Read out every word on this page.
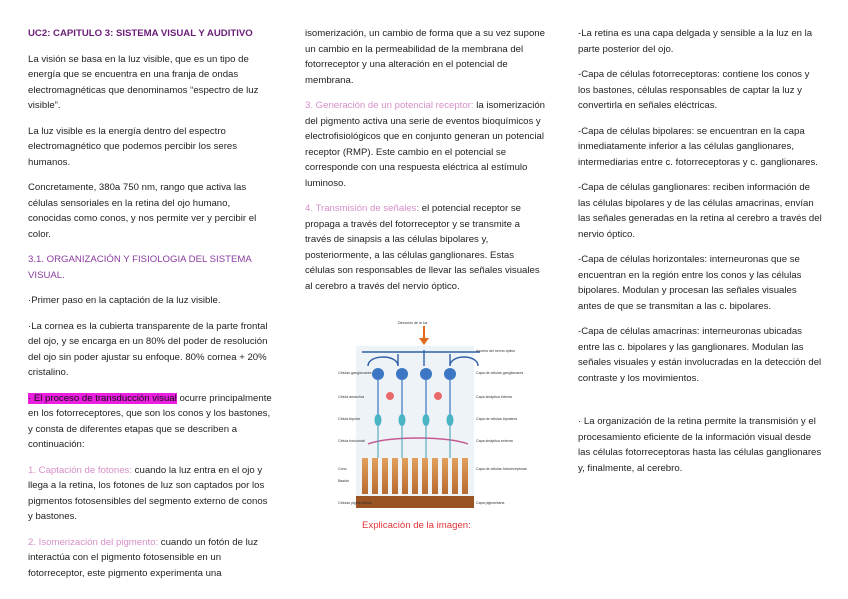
UC2: CAPITULO 3: SISTEMA VISUAL Y AUDITIVO

La visión se basa en la luz visible, que es un tipo de energía que se encuentra en una franja de ondas electromagnéticas que denominamos “espectro de luz visible”.

La luz visible es la energía dentro del espectro electromagnético que podemos percibir los seres humanos.

Concretamente, 380a 750 nm, rango que activa las células sensoriales en la retina del ojo humano, conocidas como conos, y nos permite ver y percibir el color.

3.1. ORGANIZACIÓN Y FISIOLOGIA DEL SISTEMA VISUAL.

·Primer paso en la captación de la luz visible.

·La cornea es la cubierta transparente de la parte frontal del ojo, y se encarga en un 80% del poder de resolución del ojo sin poder ajustar su enfoque. 80% cornea + 20% cristalino.

· El proceso de transducción visual ocurre principalmente en los fotorreceptores, que son los conos y los bastones, y consta de diferentes etapas que se describen a continuación:

1. Captación de fotones: cuando la luz entra en el ojo y llega a la retina, los fotones de luz son captados por los pigmentos fotosensibles del segmento externo de conos y bastones.

2. Isomerización del pigmento: cuando un fotón de luz interactúa con el pigmento fotosensible en un fotorreceptor, este pigmento experimenta una

isomerización, un cambio de forma que a su vez supone un cambio en la permeabilidad de la membrana del fotorreceptor y una alteración en el potencial de membrana.

3. Generación de un potencial receptor: la isomerización del pigmento activa una serie de eventos bioquímicos y electrofisiológicos que en conjunto generan un potencial receptor (RMP). Este cambio en el potencial se corresponde con una respuesta eléctrica al estímulo luminoso.

4. Transmisión de señales: el potencial receptor se propaga a través del fotorreceptor y se transmite a través de sinapsis a las células bipolares y, posteriormente, a las células ganglionares. Estas células son responsables de llevar las señales visuales al cerebro a través del nervio óptico.

Dirección de la luz
Axones del nervio óptico
Capa de células ganglionares
Capa sináptica interna
Capa de células bipolares
Capa sináptica externa
Capa de células fotorreceptoras
Capa pigmentaria
Células ganglionares
Célula amacrina
Célula bipolar
Célula horizontal
Cono
Bastón
Células pigmentarias
Explicación de la imagen:

-La retina es una capa delgada y sensible a la luz en la parte posterior del ojo.

-Capa de células fotorreceptoras: contiene los conos y los bastones, células responsables de captar la luz y convertirla en señales eléctricas.

-Capa de células bipolares: se encuentran en la capa inmediatamente inferior a las células ganglionares, intermediarias entre c. fotorreceptoras y c. ganglionares.

-Capa de células ganglionares: reciben información de las células bipolares y de las células amacrinas, envían las señales generadas en la retina al cerebro a través del nervio óptico.

-Capa de células horizontales: interneuronas que se encuentran en la región entre los conos y las células bipolares. Modulan y procesan las señales visuales antes de que se transmitan a las c. bipolares.

-Capa de células amacrinas: interneuronas ubicadas entre las c. bipolares y las ganglionares. Modulan las señales visuales y están involucradas en la detección del contraste y los movimientos.

· La organización de la retina permite la transmisión y el procesamiento eficiente de la información visual desde las células fotorreceptoras hasta las células ganglionares y, finalmente, al cerebro.
